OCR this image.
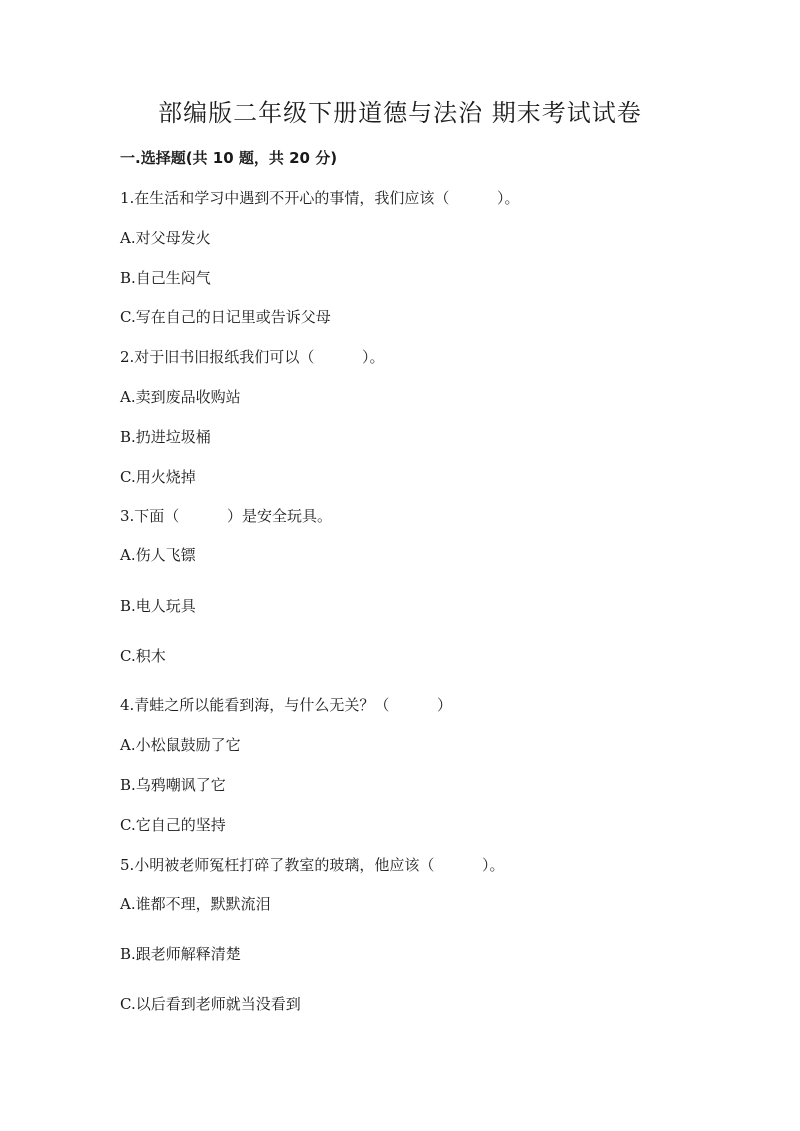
部编版二年级下册道德与法治 期末考试试卷
一.选择题(共 10 题，共 20 分)
1.在生活和学习中遇到不开心的事情，我们应该（          ）。
A.对父母发火
B.自己生闷气
C.写在自己的日记里或告诉父母
2.对于旧书旧报纸我们可以（          ）。
A.卖到废品收购站
B.扔进垃圾桶
C.用火烧掉
3.下面（          ）是安全玩具。
A.伤人飞镖
B.电人玩具
C.积木
4.青蛙之所以能看到海，与什么无关？（          ）
A.小松鼠鼓励了它
B.乌鸦嘲讽了它
C.它自己的坚持
5.小明被老师冤枉打碎了教室的玻璃，他应该（          ）。
A.谁都不理，默默流泪
B.跟老师解释清楚
C.以后看到老师就当没看到
